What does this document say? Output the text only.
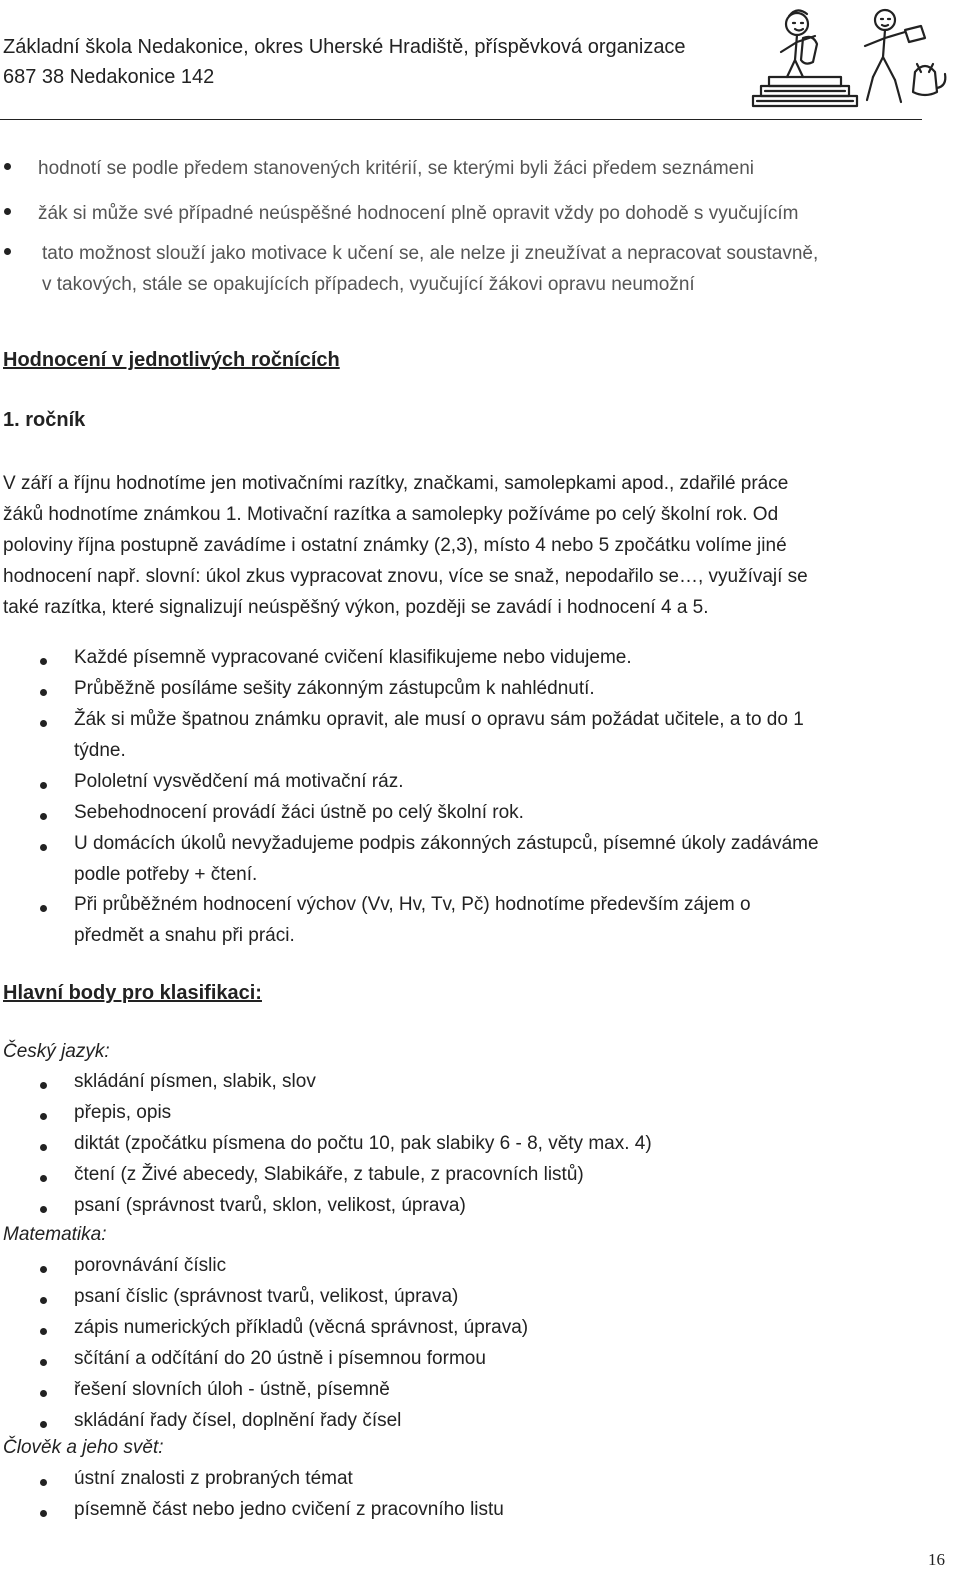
Základní škola Nedakonice, okres Uherské Hradiště, příspěvková organizace
687 38 Nedakonice 142
hodnotí se podle předem stanovených kritérií, se kterými byli žáci předem seznámeni
žák si může své případné neúspěšné hodnocení plně opravit vždy po dohodě s vyučujícím
tato možnost slouží jako motivace k učení se, ale nelze ji zneužívat a nepracovat soustavně,
v takových, stále se opakujících případech, vyučující žákovi opravu neumožní
Hodnocení v jednotlivých ročnících
1. ročník
V září a říjnu hodnotíme jen motivačními razítky, značkami, samolepkami apod., zdařilé práce
žáků hodnotíme známkou 1. Motivační razítka a samolepky požíváme po celý školní rok. Od
poloviny října postupně zavádíme i ostatní známky (2,3), místo 4 nebo 5 zpočátku volíme jiné
hodnocení např. slovní: úkol zkus vypracovat znovu, více se snaž, nepodařilo se…, využívají se
také razítka, které signalizují neúspěšný výkon, později se zavádí i hodnocení 4 a 5.
Každé písemně vypracované cvičení klasifikujeme nebo vidujeme.
Průběžně posíláme sešity zákonným zástupcům k nahlédnutí.
Žák si může špatnou známku opravit, ale musí o opravu sám požádat učitele, a to do 1
týdne.
Pololetní vysvědčení má motivační ráz.
Sebehodnocení provádí žáci ústně po celý školní rok.
U domácích úkolů nevyžadujeme podpis zákonných zástupců, písemné úkoly zadáváme
podle potřeby + čtení.
Při průběžném hodnocení výchov (Vv, Hv, Tv, Pč) hodnotíme především zájem o
předmět a snahu při práci.
Hlavní body pro klasifikaci:
Český jazyk:
skládání písmen, slabik, slov
přepis, opis
diktát (zpočátku písmena do počtu 10, pak slabiky 6 - 8, věty max. 4)
čtení (z Živé abecedy, Slabikáře, z tabule, z pracovních listů)
psaní (správnost tvarů, sklon, velikost, úprava)
Matematika:
porovnávání číslic
psaní číslic (správnost tvarů, velikost, úprava)
zápis numerických příkladů (věcná správnost, úprava)
sčítání a odčítání do 20 ústně i písemnou formou
řešení slovních úloh - ústně, písemně
skládání řady čísel, doplnění řady čísel
Člověk a jeho svět:
ústní znalosti z probraných témat
písemně část nebo jedno cvičení z pracovního listu
16
